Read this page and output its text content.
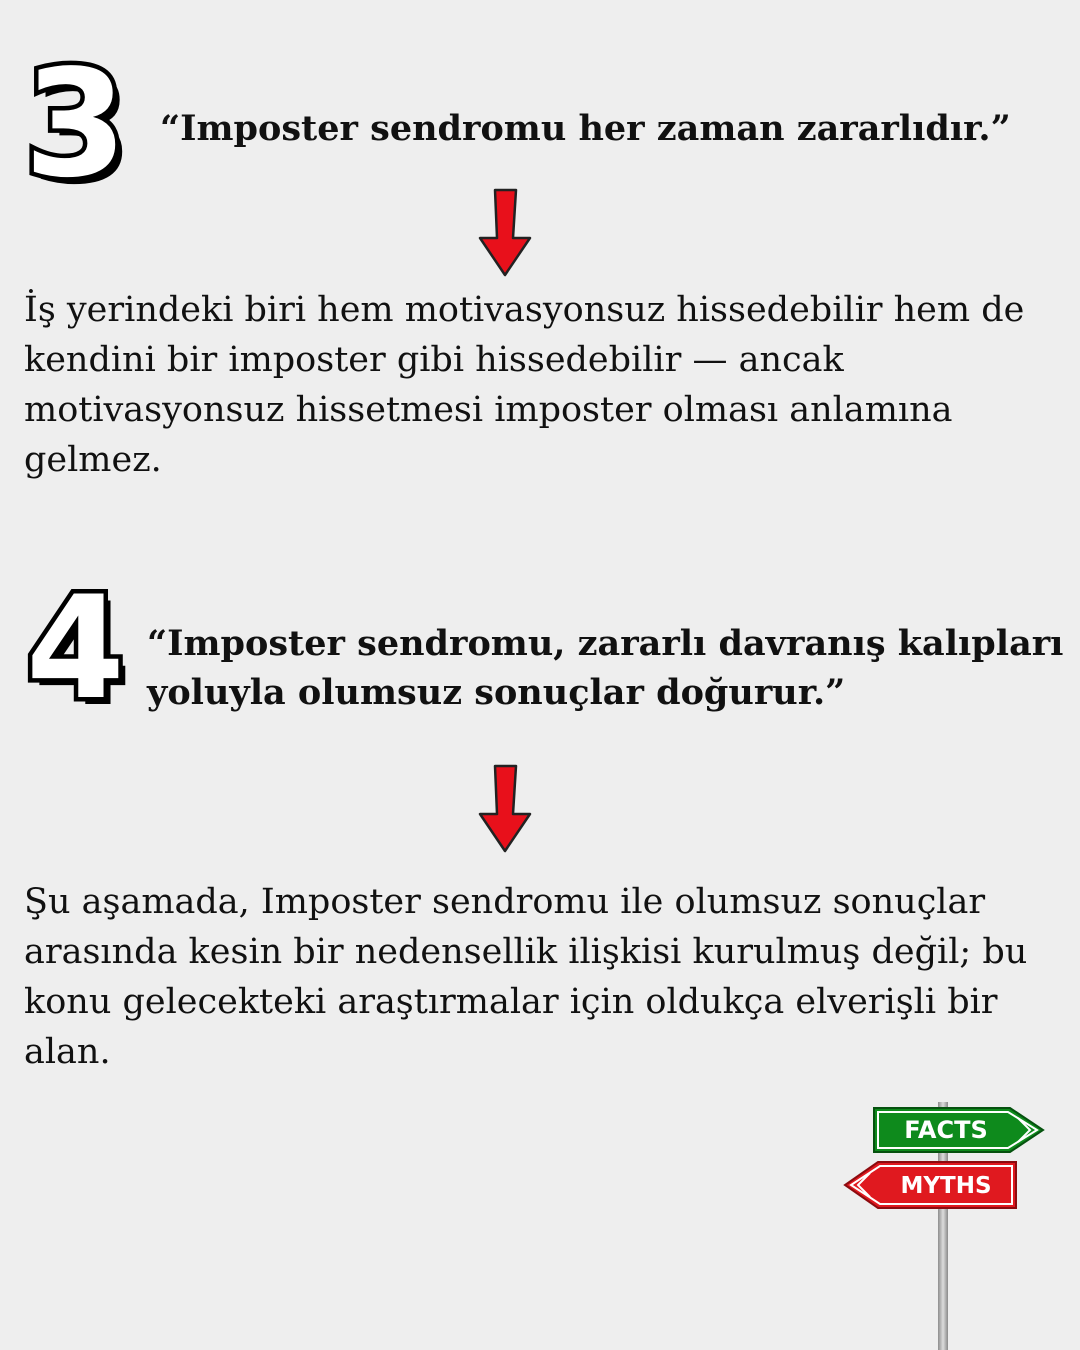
3 “Imposter sendromu her zaman zararlıdır.”

İş yerindeki biri hem motivasyonsuz hissedebilir hem de kendini bir imposter gibi hissedebilir — ancak motivasyonsuz hissetmesi imposter olması anlamına gelmez.

4 “Imposter sendromu, zararlı davranış kalıpları yoluyla olumsuz sonuçlar doğurur.”

Şu aşamada, Imposter sendromu ile olumsuz sonuçlar arasında kesin bir nedensellik ilişkisi kurulmuş değil; bu konu gelecekteki araştırmalar için oldukça elverişli bir alan.

FACTS
MYTHS
